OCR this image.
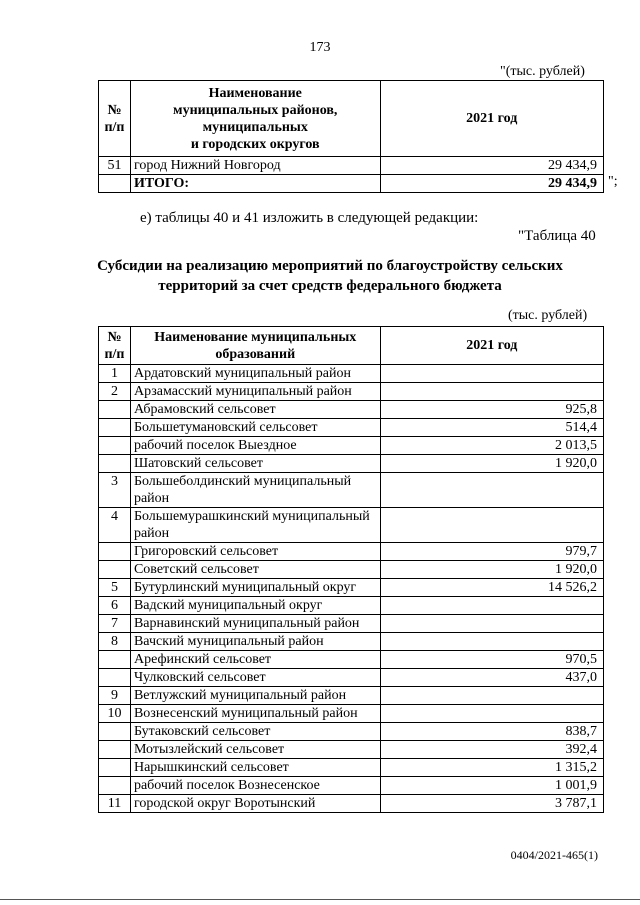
173
"(тыс. рублей)
№
п/п	Наименование
муниципальных районов,
муниципальных
и городских округов	2021 год
51	город Нижний Новгород	29 434,9
	ИТОГО:	29 434,9 ";
е) таблицы 40 и 41 изложить в следующей редакции:
"Таблица 40
Субсидии на реализацию мероприятий по благоустройству сельских территорий за счет средств федерального бюджета
(тыс. рублей)
№
п/п	Наименование муниципальных
образований	2021 год
1	Ардатовский муниципальный район	
2	Арзамасский муниципальный район	
	Абрамовский сельсовет	925,8
	Большетумановский сельсовет	514,4
	рабочий поселок Выездное	2 013,5
	Шатовский сельсовет	1 920,0
3	Большеболдинский муниципальный район	
4	Большемурашкинский муниципальный район	
	Григоровский сельсовет	979,7
	Советский сельсовет	1 920,0
5	Бутурлинский муниципальный округ	14 526,2
6	Вадский муниципальный округ	
7	Варнавинский муниципальный район	
8	Вачский муниципальный район	
	Арефинский сельсовет	970,5
	Чулковский сельсовет	437,0
9	Ветлужский муниципальный район	
10	Вознесенский муниципальный район	
	Бутаковский сельсовет	838,7
	Мотызлейский сельсовет	392,4
	Нарышкинский сельсовет	1 315,2
	рабочий поселок Вознесенское	1 001,9
11	городской округ Воротынский	3 787,1
0404/2021-465(1)
